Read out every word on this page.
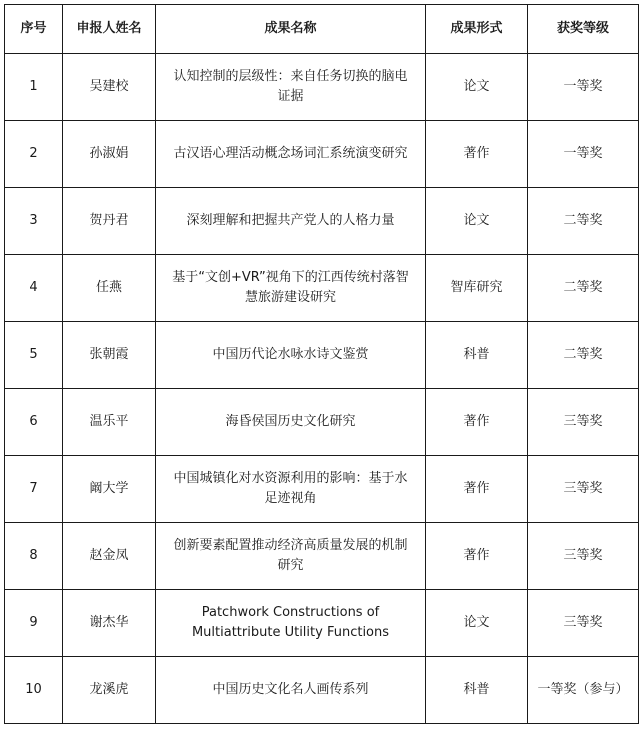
序号	申报人姓名	成果名称	成果形式	获奖等级
1	吴建校	认知控制的层级性：来自任务切换的脑电证据	论文	一等奖
2	孙淑娟	古汉语心理活动概念场词汇系统演变研究	著作	一等奖
3	贺丹君	深刻理解和把握共产党人的人格力量	论文	二等奖
4	任燕	基于“文创+VR”视角下的江西传统村落智慧旅游建设研究	智库研究	二等奖
5	张朝霞	中国历代论水咏水诗文鉴赏	科普	二等奖
6	温乐平	海昏侯国历史文化研究	著作	三等奖
7	阚大学	中国城镇化对水资源利用的影响：基于水足迹视角	著作	三等奖
8	赵金凤	创新要素配置推动经济高质量发展的机制研究	著作	三等奖
9	谢杰华	Patchwork Constructions of Multiattribute Utility Functions	论文	三等奖
10	龙溪虎	中国历史文化名人画传系列	科普	一等奖（参与）
